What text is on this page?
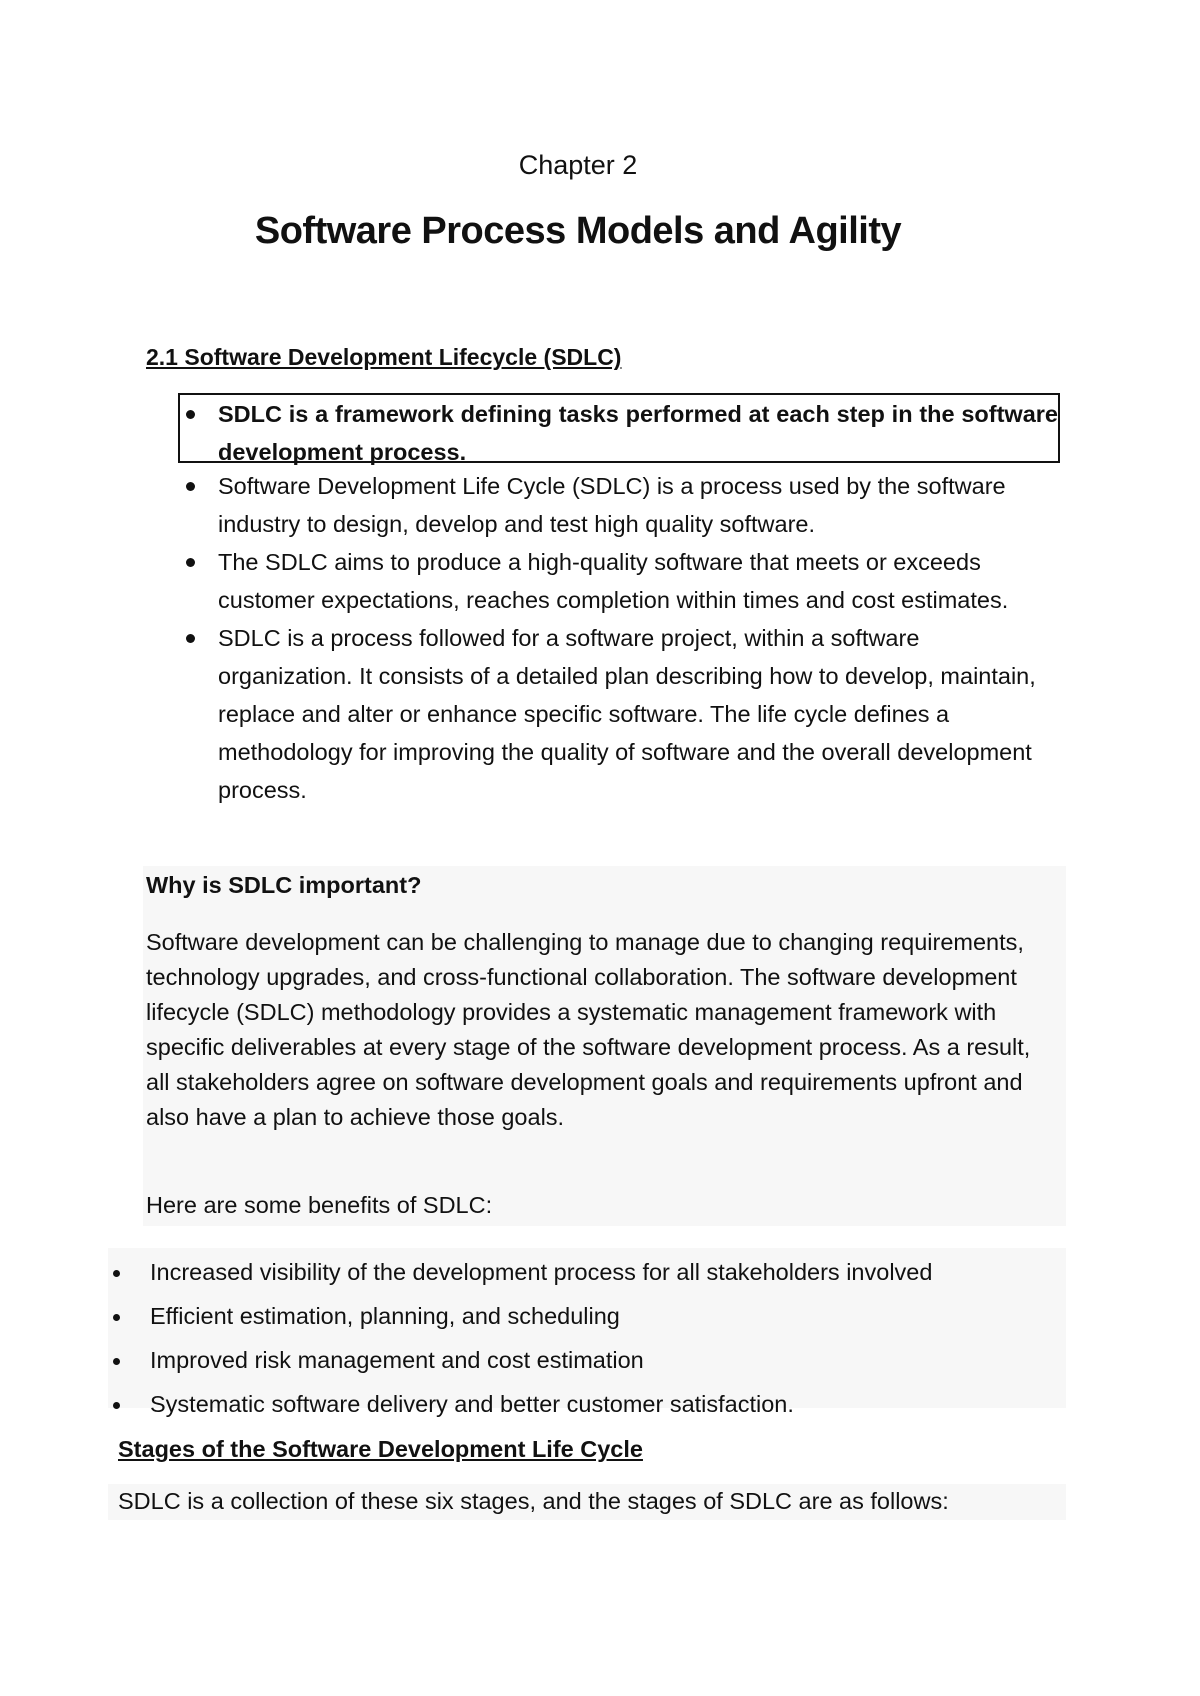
Chapter 2
Software Process Models and Agility
2.1 Software Development Lifecycle (SDLC)
SDLC is a framework defining tasks performed at each step in the software development process.
Software Development Life Cycle (SDLC) is a process used by the software industry to design, develop and test high quality software.
The SDLC aims to produce a high-quality software that meets or exceeds customer expectations, reaches completion within times and cost estimates.
SDLC is a process followed for a software project, within a software organization. It consists of a detailed plan describing how to develop, maintain, replace and alter or enhance specific software. The life cycle defines a methodology for improving the quality of software and the overall development process.
Why is SDLC important?

Software development can be challenging to manage due to changing requirements, technology upgrades, and cross-functional collaboration. The software development lifecycle (SDLC) methodology provides a systematic management framework with specific deliverables at every stage of the software development process. As a result, all stakeholders agree on software development goals and requirements upfront and also have a plan to achieve those goals.

Here are some benefits of SDLC:
Increased visibility of the development process for all stakeholders involved
Efficient estimation, planning, and scheduling
Improved risk management and cost estimation
Systematic software delivery and better customer satisfaction.
Stages of the Software Development Life Cycle
SDLC is a collection of these six stages, and the stages of SDLC are as follows:
